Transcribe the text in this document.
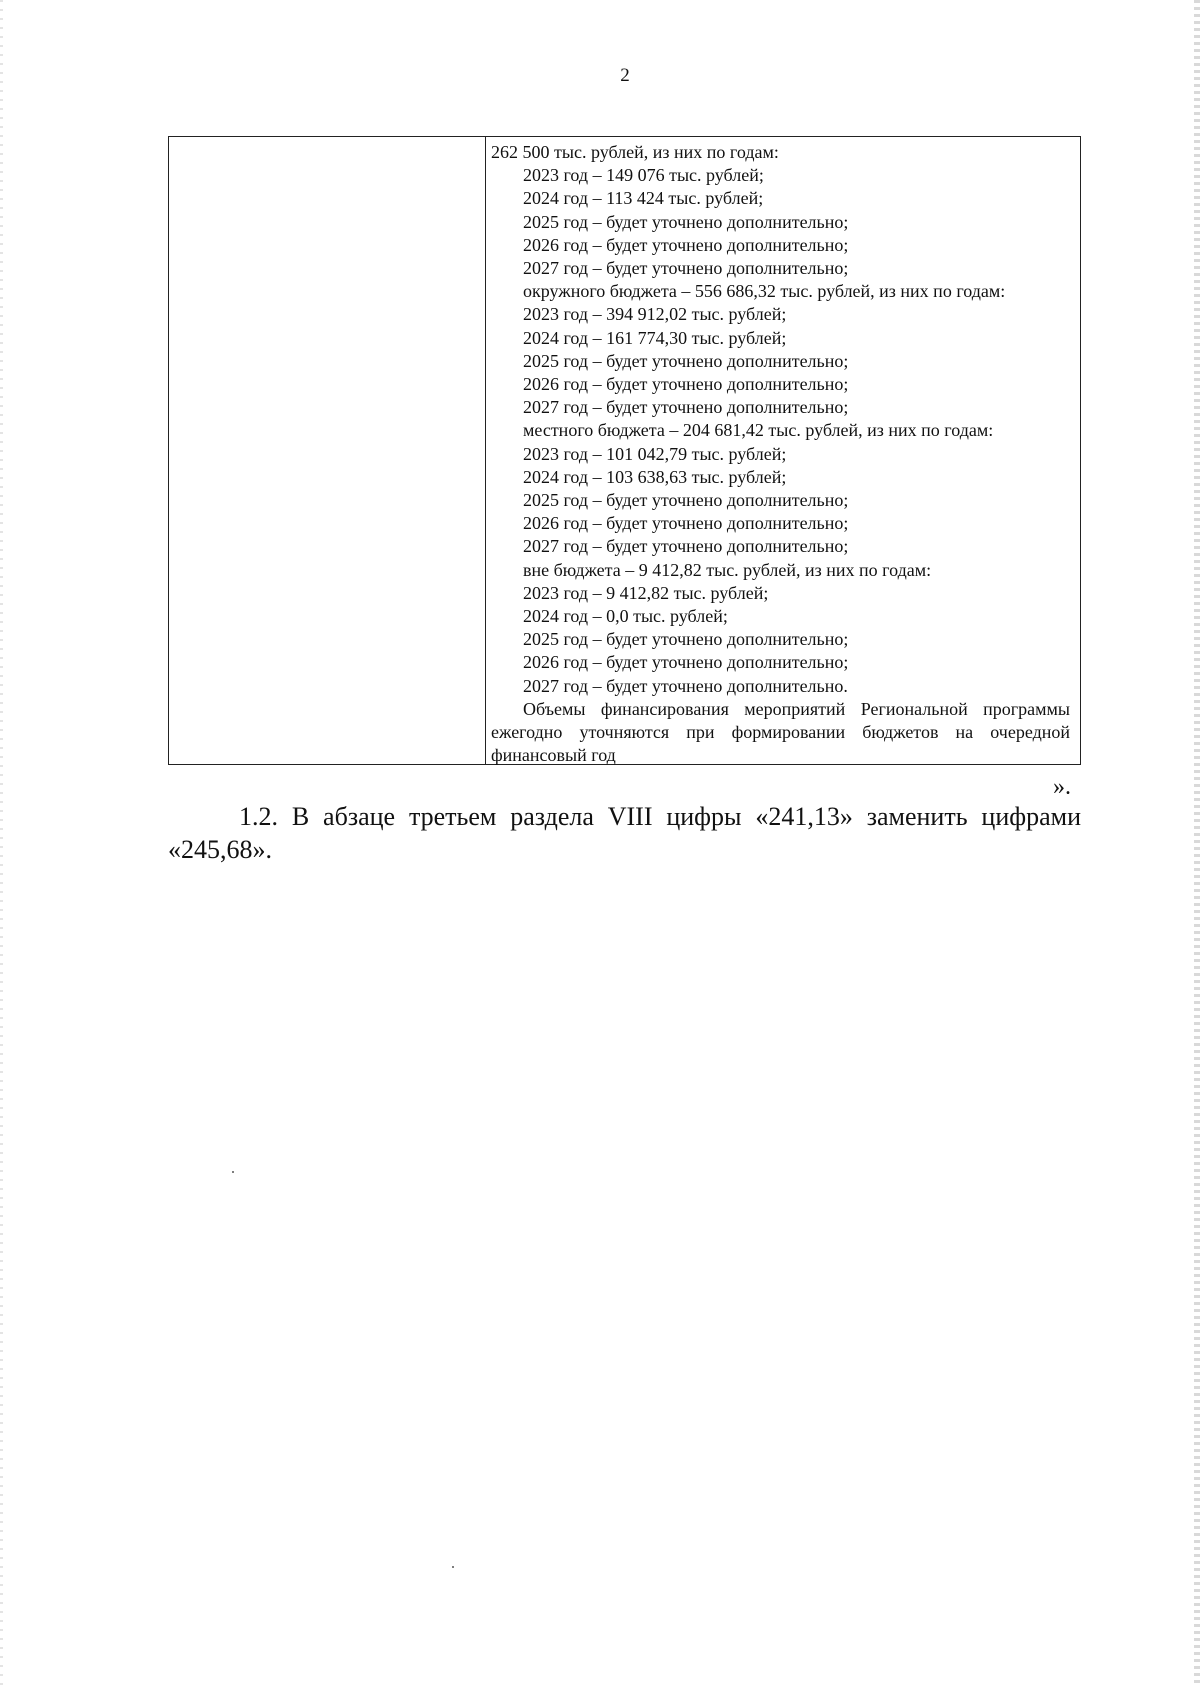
2
262 500 тыс. рублей, из них по годам:
2023 год – 149 076 тыс. рублей;
2024 год – 113 424 тыс. рублей;
2025 год – будет уточнено дополнительно;
2026 год – будет уточнено дополнительно;
2027 год – будет уточнено дополнительно;
окружного бюджета – 556 686,32 тыс. рублей, из них по годам:
2023 год – 394 912,02 тыс. рублей;
2024 год – 161 774,30 тыс. рублей;
2025 год – будет уточнено дополнительно;
2026 год – будет уточнено дополнительно;
2027 год – будет уточнено дополнительно;
местного бюджета – 204 681,42 тыс. рублей, из них по годам:
2023 год – 101 042,79 тыс. рублей;
2024 год – 103 638,63 тыс. рублей;
2025 год – будет уточнено дополнительно;
2026 год – будет уточнено дополнительно;
2027 год – будет уточнено дополнительно;
вне бюджета – 9 412,82 тыс. рублей, из них по годам:
2023 год – 9 412,82 тыс. рублей;
2024 год – 0,0 тыс. рублей;
2025 год – будет уточнено дополнительно;
2026 год – будет уточнено дополнительно;
2027 год – будет уточнено дополнительно.
Объемы финансирования мероприятий Региональной программы ежегодно уточняются при формировании бюджетов на очередной финансовый год
».
1.2. В абзаце третьем раздела VIII цифры «241,13» заменить цифрами «245,68».
